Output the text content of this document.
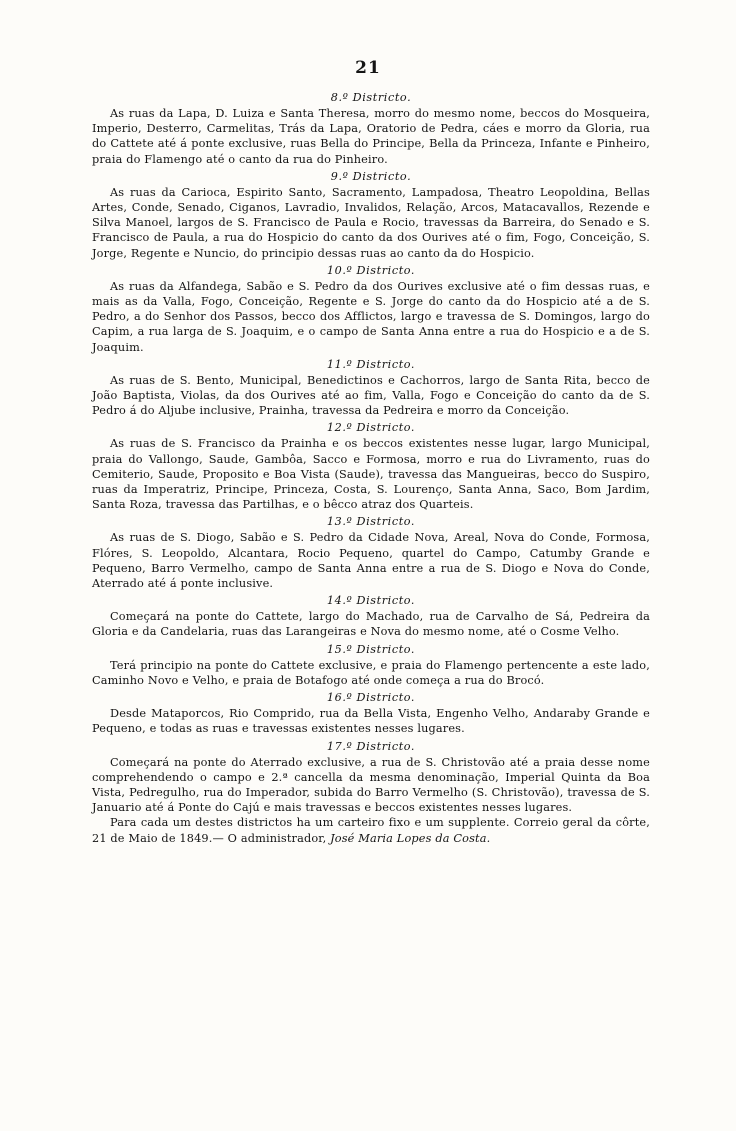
21
8.º Districto.

As ruas da Lapa, D. Luiza e Santa Theresa, morro do mesmo nome, beccos do Mosqueira, Imperio, Desterro, Carmelitas, Trás da Lapa, Oratorio de Pedra, cáes e morro da Gloria, rua do Cattete até á ponte exclusive, ruas Bella do Principe, Bella da Princeza, Infante e Pinheiro, praia do Flamengo até o canto da rua do Pinheiro.

9.º Districto.

As ruas da Carioca, Espirito Santo, Sacramento, Lampadosa, Theatro Leopoldina, Bellas Artes, Conde, Senado, Ciganos, Lavradio, Invalidos, Relação, Arcos, Matacavallos, Rezende e Silva Manoel, largos de S. Francisco de Paula e Rocio, travessas da Barreira, do Senado e S. Francisco de Paula, a rua do Hospicio do canto da dos Ourives até o fim, Fogo, Conceição, S. Jorge, Regente e Nuncio, do principio dessas ruas ao canto da do Hospicio.

10.º Districto.

As ruas da Alfandega, Sabão e S. Pedro da dos Ourives exclusive até o fim dessas ruas, e mais as da Valla, Fogo, Conceição, Regente e S. Jorge do canto da do Hospicio até a de S. Pedro, a do Senhor dos Passos, becco dos Afflictos, largo e travessa de S. Domingos, largo do Capim, a rua larga de S. Joaquim, e o campo de Santa Anna entre a rua do Hospicio e a de S. Joaquim.

11.º Districto.

As ruas de S. Bento, Municipal, Benedictinos e Cachorros, largo de Santa Rita, becco de João Baptista, Violas, da dos Ourives até ao fim, Valla, Fogo e Conceição do canto da de S. Pedro á do Aljube inclusive, Prainha, travessa da Pedreira e morro da Conceição.

12.º Districto.

As ruas de S. Francisco da Prainha e os beccos existentes nesse lugar, largo Municipal, praia do Vallongo, Saude, Gambôa, Sacco e Formosa, morro e rua do Livramento, ruas do Cemiterio, Saude, Proposito e Boa Vista (Saude), travessa das Mangueiras, becco do Suspiro, ruas da Imperatriz, Principe, Princeza, Costa, S. Lourenço, Santa Anna, Saco, Bom Jardim, Santa Roza, travessa das Partilhas, e o bêcco atraz dos Quarteis.

13.º Districto.

As ruas de S. Diogo, Sabão e S. Pedro da Cidade Nova, Areal, Nova do Conde, Formosa, Flóres, S. Leopoldo, Alcantara, Rocio Pequeno, quartel do Campo, Catumby Grande e Pequeno, Barro Vermelho, campo de Santa Anna entre a rua de S. Diogo e Nova do Conde, Aterrado até á ponte inclusive.

14.º Districto.

Começará na ponte do Cattete, largo do Machado, rua de Carvalho de Sá, Pedreira da Gloria e da Candelaria, ruas das Larangeiras e Nova do mesmo nome, até o Cosme Velho.

15.º Districto.

Terá principio na ponte do Cattete exclusive, e praia do Flamengo pertencente a este lado, Caminho Novo e Velho, e praia de Botafogo até onde começa a rua do Brocó.

16.º Districto.

Desde Mataporcos, Rio Comprido, rua da Bella Vista, Engenho Velho, Andaraby Grande e Pequeno, e todas as ruas e travessas existentes nesses lugares.

17.º Districto.

Começará na ponte do Aterrado exclusive, a rua de S. Christovão até a praia desse nome comprehendendo o campo e 2.ª cancella da mesma denominação, Imperial Quinta da Boa Vista, Pedregulho, rua do Imperador, subida do Barro Vermelho (S. Christovão), travessa de S. Januario até á Ponte do Cajú e mais travessas e beccos existentes nesses lugares.

Para cada um destes districtos ha um carteiro fixo e um supplente. Correio geral da côrte, 21 de Maio de 1849.— O administrador, José Maria Lopes da Costa.
